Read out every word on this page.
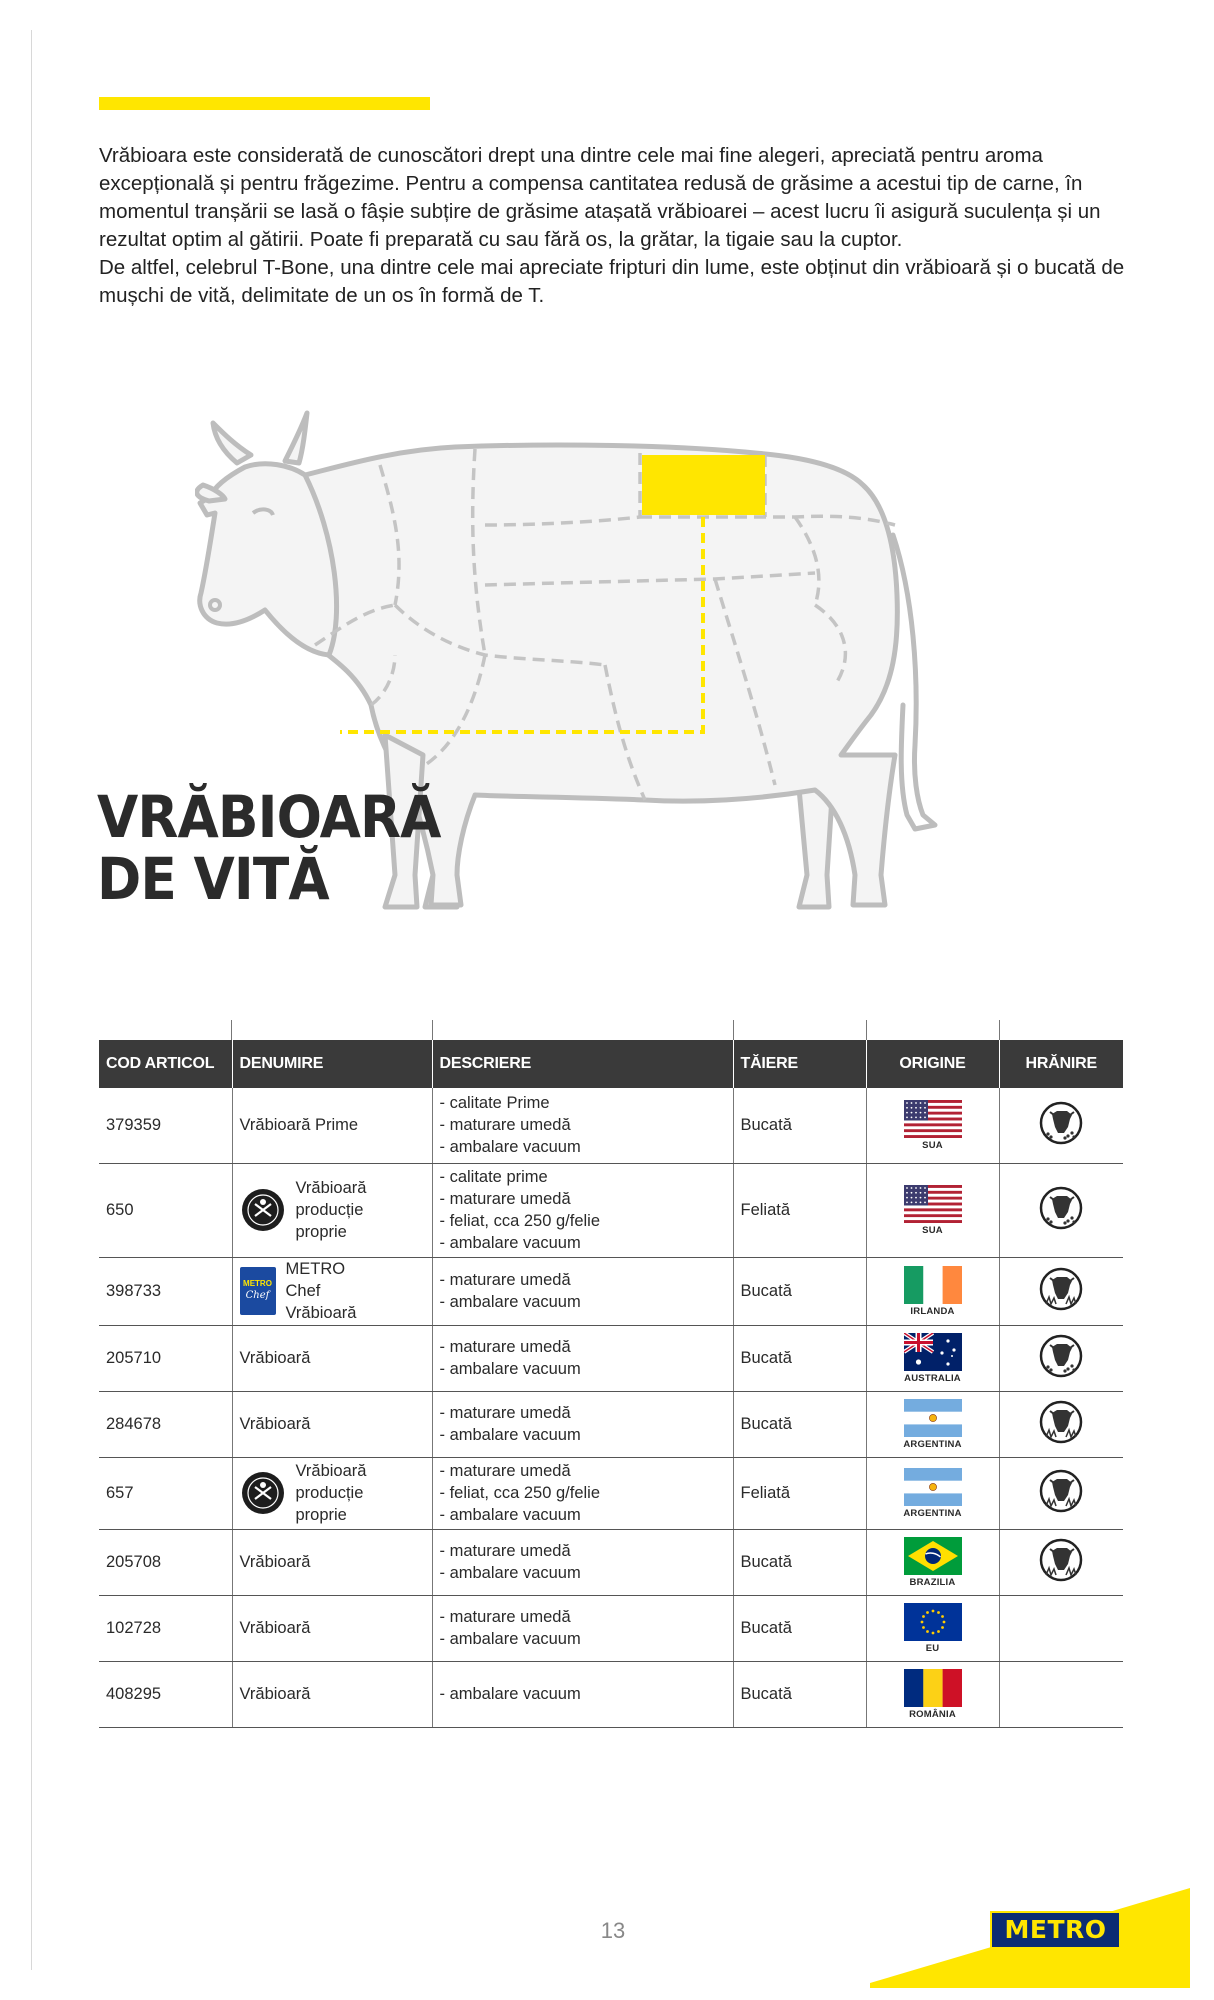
Vrăbioara este considerată de cunoscători drept una dintre cele mai fine alegeri, apreciată pentru aroma excepțională și pentru frăgezime. Pentru a compensa cantitatea redusă de grăsime a acestui tip de carne, în momentul tranșării se lasă o fâșie subțire de grăsime atașată vrăbioarei – acest lucru îi asigură suculența și un rezultat optim al gătirii. Poate fi preparată cu sau fără os, la grătar, la tigaie sau la cuptor.

De altfel, celebrul T-Bone, una dintre cele mai apreciate fripturi din lume, este obținut din vrăbioară și o bucată de mușchi de vită, delimitate de un os în formă de T.

VRĂBIOARĂ
DE VITĂ
COD ARTICOL	DENUMIRE	DESCRIERE	TĂIERE	ORIGINE	HRĂNIRE
379359	Vrăbioară Prime	- calitate Prime
- maturare umedă
- ambalare vacuum	Bucată	SUA

650	Vrăbioară producție proprie	- calitate prime
- maturare umedă
- feliat, cca 250 g/felie
- ambalare vacuum	Feliată	SUA

398733	METRO
Chef
METRO Chef Vrăbioară	- maturare umedă
- ambalare vacuum	Bucată	IRLANDA

205710	Vrăbioară	- maturare umedă
- ambalare vacuum	Bucată	AUSTRALIA

284678	Vrăbioară	- maturare umedă
- ambalare vacuum	Bucată	ARGENTINA

657	Vrăbioară producție proprie	- maturare umedă
- feliat, cca 250 g/felie
- ambalare vacuum	Feliată	ARGENTINA

205708	Vrăbioară	- maturare umedă
- ambalare vacuum	Bucată	BRAZILIA

102728	Vrăbioară	- maturare umedă
- ambalare vacuum	Bucată	EU	

408295	Vrăbioară	- ambalare vacuum	Bucată	ROMÂNIA	

13	METRO
